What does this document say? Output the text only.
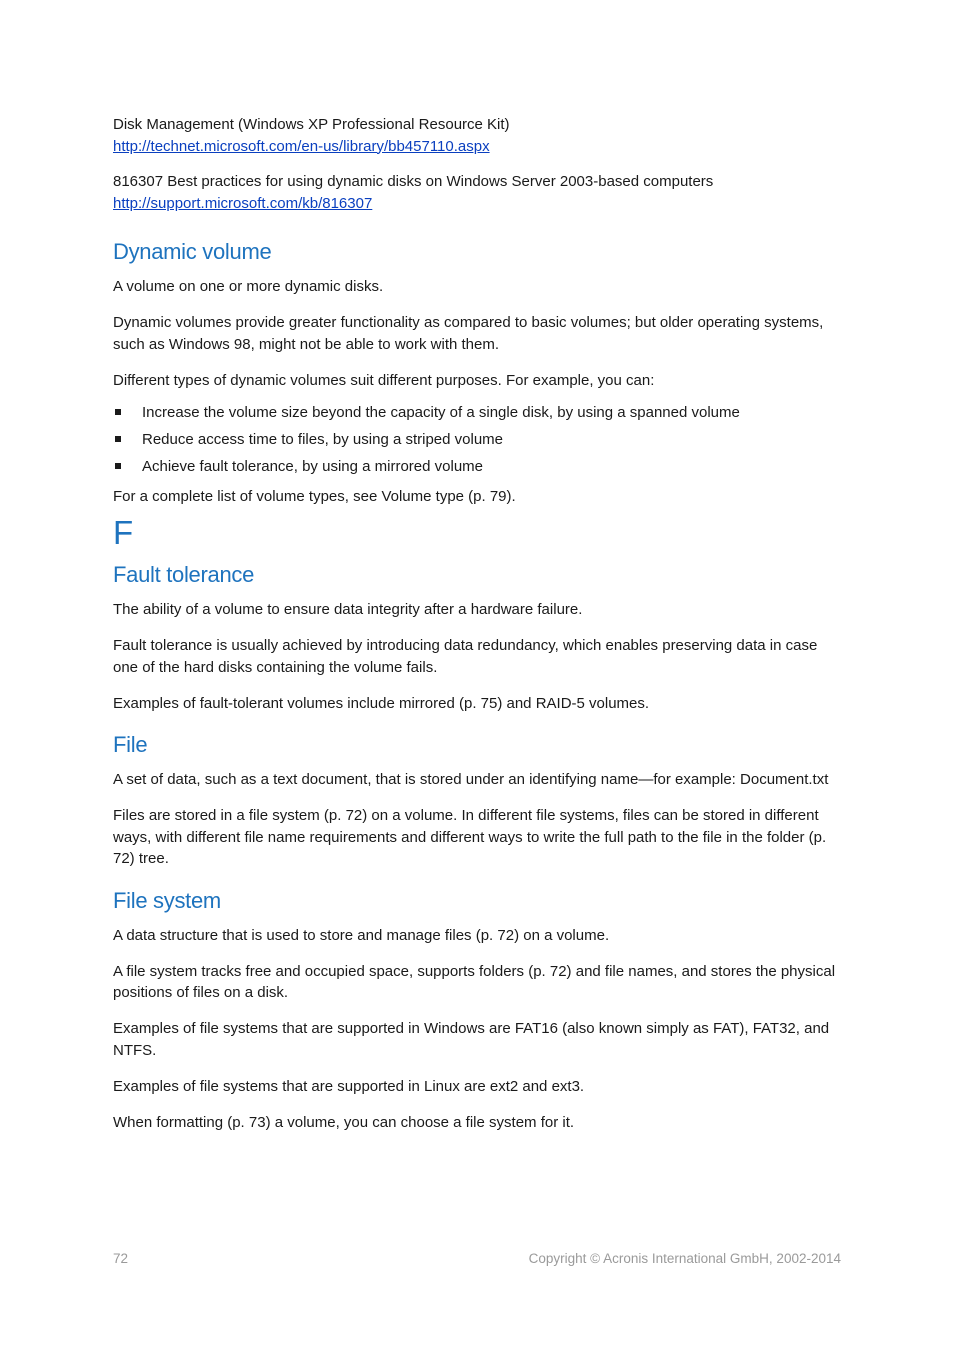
Disk Management (Windows XP Professional Resource Kit)
http://technet.microsoft.com/en-us/library/bb457110.aspx

816307 Best practices for using dynamic disks on Windows Server 2003-based computers
http://support.microsoft.com/kb/816307

Dynamic volume

A volume on one or more dynamic disks.

Dynamic volumes provide greater functionality as compared to basic volumes; but older operating systems, such as Windows 98, might not be able to work with them.

Different types of dynamic volumes suit different purposes. For example, you can:

Increase the volume size beyond the capacity of a single disk, by using a spanned volume
Reduce access time to files, by using a striped volume
Achieve fault tolerance, by using a mirrored volume

For a complete list of volume types, see Volume type (p. 79).

F
Fault tolerance

The ability of a volume to ensure data integrity after a hardware failure.

Fault tolerance is usually achieved by introducing data redundancy, which enables preserving data in case one of the hard disks containing the volume fails.

Examples of fault-tolerant volumes include mirrored (p. 75) and RAID-5 volumes.

File

A set of data, such as a text document, that is stored under an identifying name—for example: Document.txt

Files are stored in a file system (p. 72) on a volume. In different file systems, files can be stored in different ways, with different file name requirements and different ways to write the full path to the file in the folder (p. 72) tree.

File system

A data structure that is used to store and manage files (p. 72) on a volume.

A file system tracks free and occupied space, supports folders (p. 72) and file names, and stores the physical positions of files on a disk.

Examples of file systems that are supported in Windows are FAT16 (also known simply as FAT), FAT32, and NTFS.

Examples of file systems that are supported in Linux are ext2 and ext3.

When formatting (p. 73) a volume, you can choose a file system for it.

72	Copyright © Acronis International GmbH, 2002-2014
